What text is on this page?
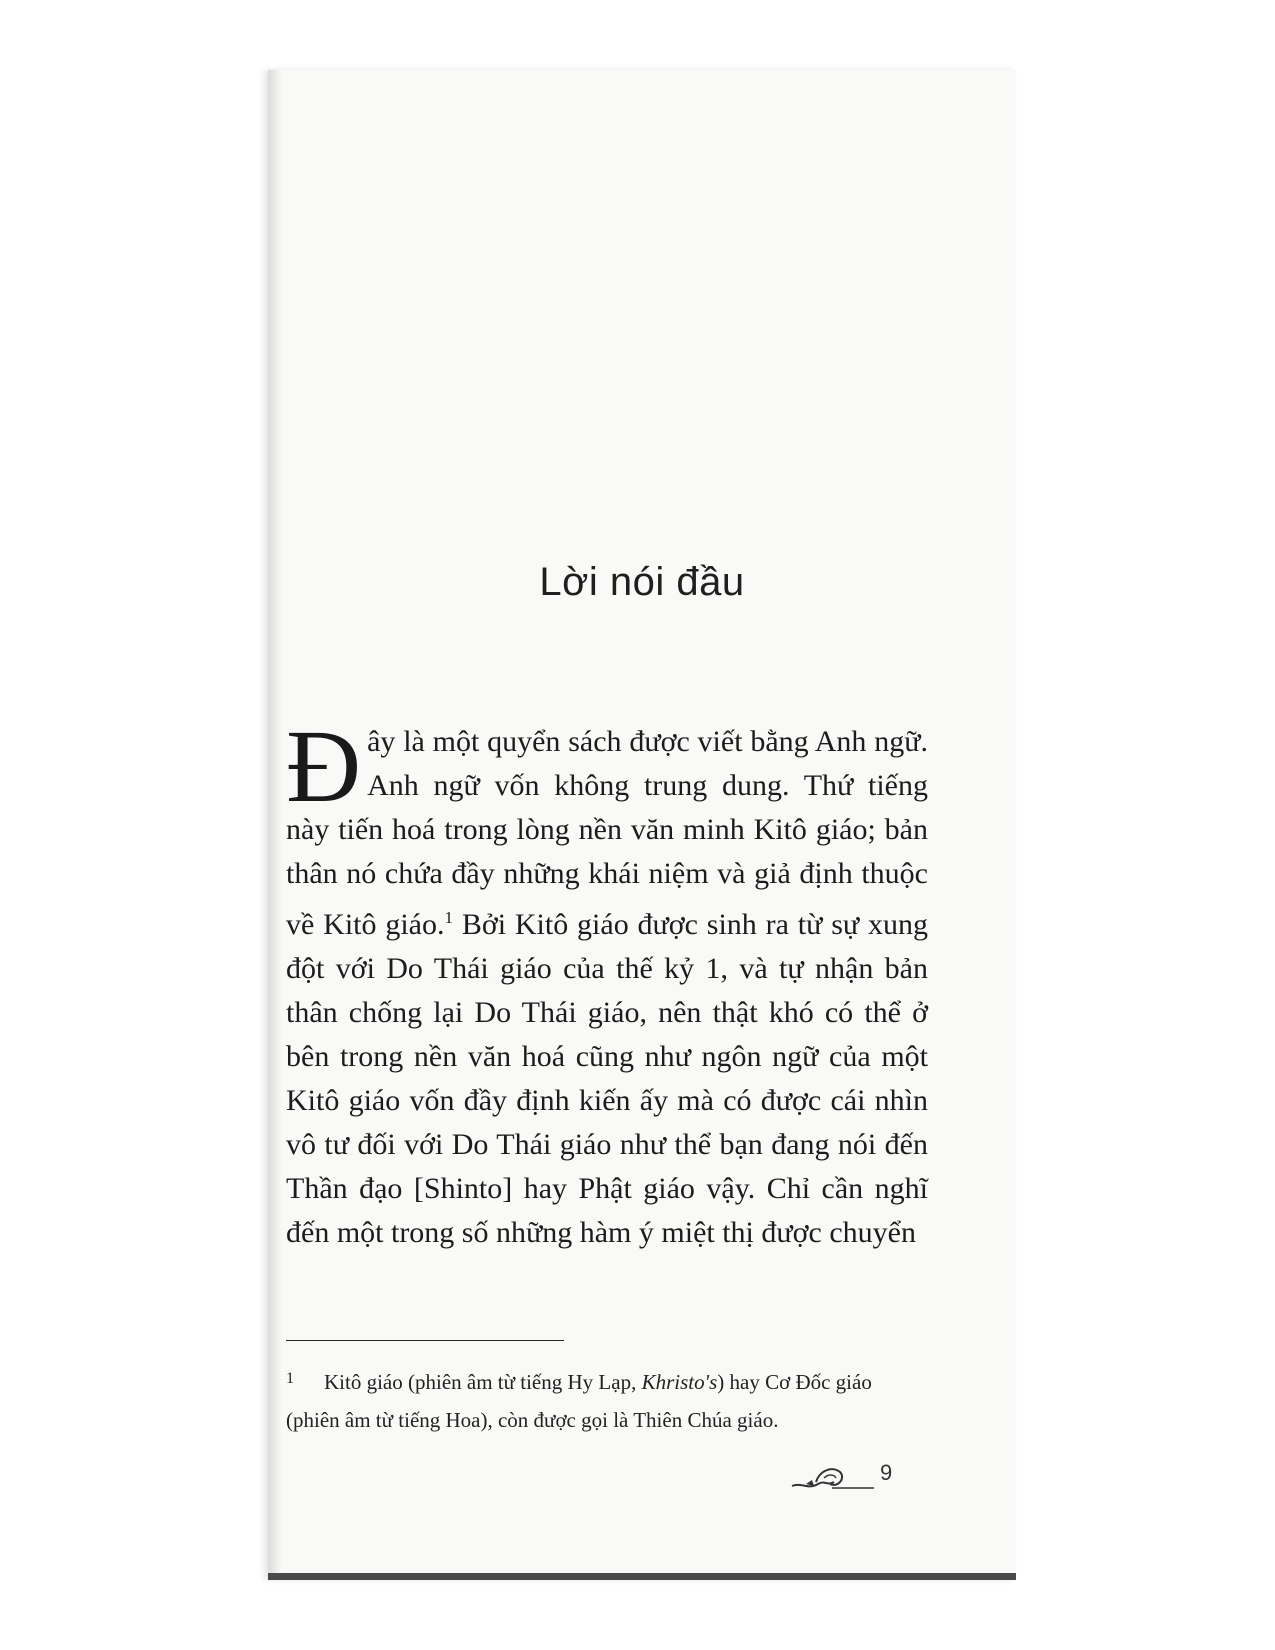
Lời nói đầu

Đây là một quyển sách được viết bằng Anh ngữ. Anh ngữ vốn không trung dung. Thứ tiếng này tiến hoá trong lòng nền văn minh Kitô giáo; bản thân nó chứa đầy những khái niệm và giả định thuộc về Kitô giáo.$^1$ Bởi Kitô giáo được sinh ra từ sự xung đột với Do Thái giáo của thế kỷ 1, và tự nhận bản thân chống lại Do Thái giáo, nên thật khó có thể ở bên trong nền văn hoá cũng như ngôn ngữ của một Kitô giáo vốn đầy định kiến ấy mà có được cái nhìn vô tư đối với Do Thái giáo như thể bạn đang nói đến Thần đạo [Shinto] hay Phật giáo vậy. Chỉ cần nghĩ đến một trong số những hàm ý miệt thị được chuyển

1 Kitô giáo (phiên âm từ tiếng Hy Lạp, Khristo's) hay Cơ Đốc giáo (phiên âm từ tiếng Hoa), còn được gọi là Thiên Chúa giáo.

9
